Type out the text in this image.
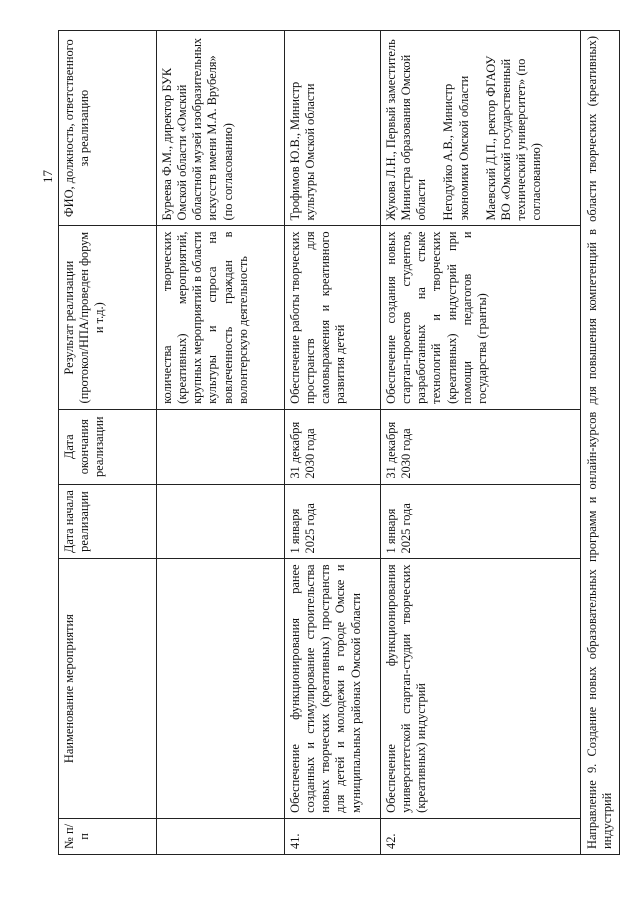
17
№ п/п	Наименование мероприятия	Дата начала реализации	Дата окончания реализации	Результат реализации (протокол/НПА/проведен форум и т.д.)	ФИО, должность, ответственного за реализацию
				количества творческих (креативных) мероприятий, крупных мероприятий в области культуры и спроса на вовлеченность граждан в волонтерскую деятельность	Буреева Ф.М., директор БУК Омской области «Омский областной музей изобразительных искусств имени М.А. Врубеля» (по согласованию)
41.	Обеспечение функционирования ранее созданных и стимулирование строительства новых творческих (креативных) пространств для детей и молодежи в городе Омске и муниципальных районах Омской области	1 января 2025 года	31 декабря 2030 года	Обеспечение работы творческих пространств для самовыражения и креативного развития детей	Трофимов Ю.В., Министр культуры Омской области
42.	Обеспечение функционирования университетской стартап-студии творческих (креативных) индустрий	1 января 2025 года	31 декабря 2030 года	Обеспечение создания новых стартап-проектов студентов, разработанных на стыке технологий и творческих (креативных) индустрий при помощи педагогов и государства (гранты)	Жукова Л.Н., Первый заместитель Министра образования Омской области Негодуйко А.В., Министр экономики Омской области Маевский Д.П., ректор ФГАОУ ВО «Омский государственный технический университет» (по согласованию)

Направление 9. Создание новых образовательных программ и онлайн-курсов для повышения компетенций в области творческих (креативных) индустрий					
